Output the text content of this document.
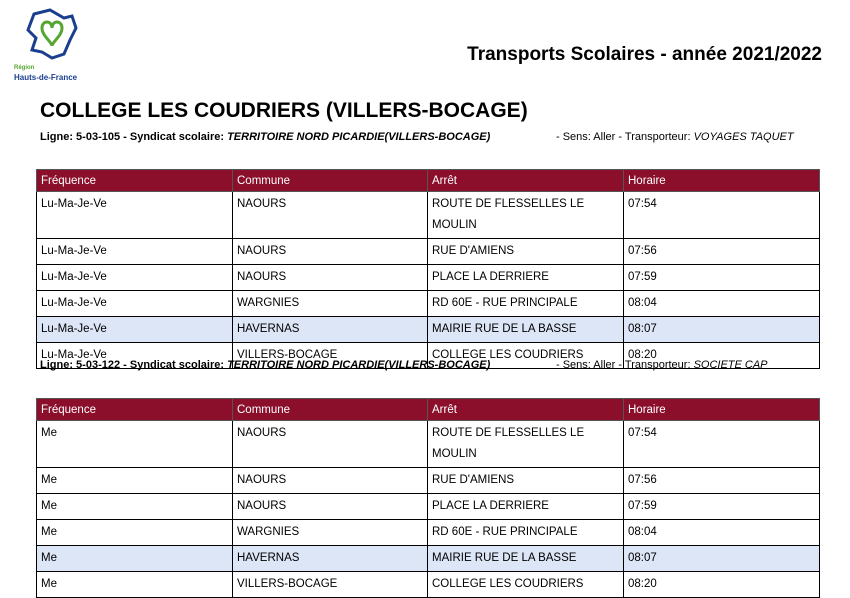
Région
Hauts-de-France
Transports Scolaires - année 2021/2022
COLLEGE LES COUDRIERS (VILLERS-BOCAGE)
Ligne: 5-03-105 - Syndicat scolaire: TERRITOIRE NORD PICARDIE(VILLERS-BOCAGE)	- Sens: Aller - Transporteur: VOYAGES TAQUET
Fréquence	Commune	Arrêt	Horaire
Lu-Ma-Je-Ve	NAOURS	ROUTE DE FLESSELLES LE MOULIN	07:54
Lu-Ma-Je-Ve	NAOURS	RUE D'AMIENS	07:56
Lu-Ma-Je-Ve	NAOURS	PLACE LA DERRIERE	07:59
Lu-Ma-Je-Ve	WARGNIES	RD 60E - RUE PRINCIPALE	08:04
Lu-Ma-Je-Ve	HAVERNAS	MAIRIE RUE DE LA BASSE	08:07
Lu-Ma-Je-Ve	VILLERS-BOCAGE	COLLEGE LES COUDRIERS	08:20
Ligne: 5-03-122 - Syndicat scolaire: TERRITOIRE NORD PICARDIE(VILLERS-BOCAGE)	- Sens: Aller - Transporteur: SOCIETE CAP
Fréquence	Commune	Arrêt	Horaire
Me	NAOURS	ROUTE DE FLESSELLES LE MOULIN	07:54
Me	NAOURS	RUE D'AMIENS	07:56
Me	NAOURS	PLACE LA DERRIERE	07:59
Me	WARGNIES	RD 60E - RUE PRINCIPALE	08:04
Me	HAVERNAS	MAIRIE RUE DE LA BASSE	08:07
Me	VILLERS-BOCAGE	COLLEGE LES COUDRIERS	08:20
